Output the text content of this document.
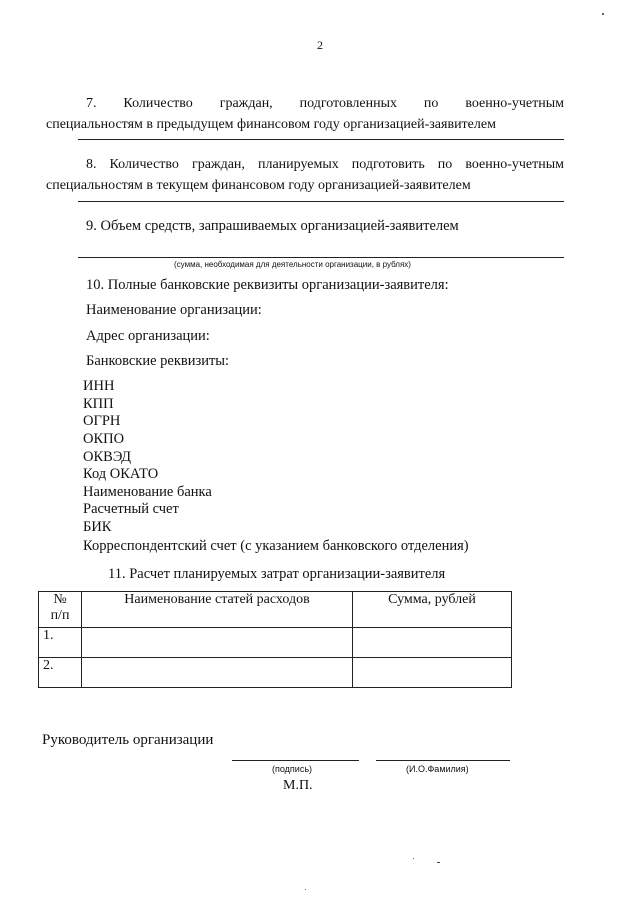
2
7. Количество граждан, подготовленных по военно-учетным
специальностям в предыдущем финансовом году организацией-заявителем
8. Количество граждан, планируемых подготовить по военно-учетным
специальностям в текущем финансовом году организацией-заявителем
9. Объем средств, запрашиваемых организацией-заявителем
(сумма, необходимая для деятельности организации, в рублях)
10. Полные банковские реквизиты организации-заявителя:
Наименование организации:
Адрес организации:
Банковские реквизиты:
ИНН
КПП
ОГРН
ОКПО
ОКВЭД
Код ОКАТО
Наименование банка
Расчетный счет
БИК
Корреспондентский счет (с указанием банковского отделения)
11. Расчет планируемых затрат организации-заявителя
№
п/п	Наименование статей расходов	Сумма, рублей
1.		
2.		
Руководитель организации
(подпись)	(И.О.Фамилия)
М.П.
